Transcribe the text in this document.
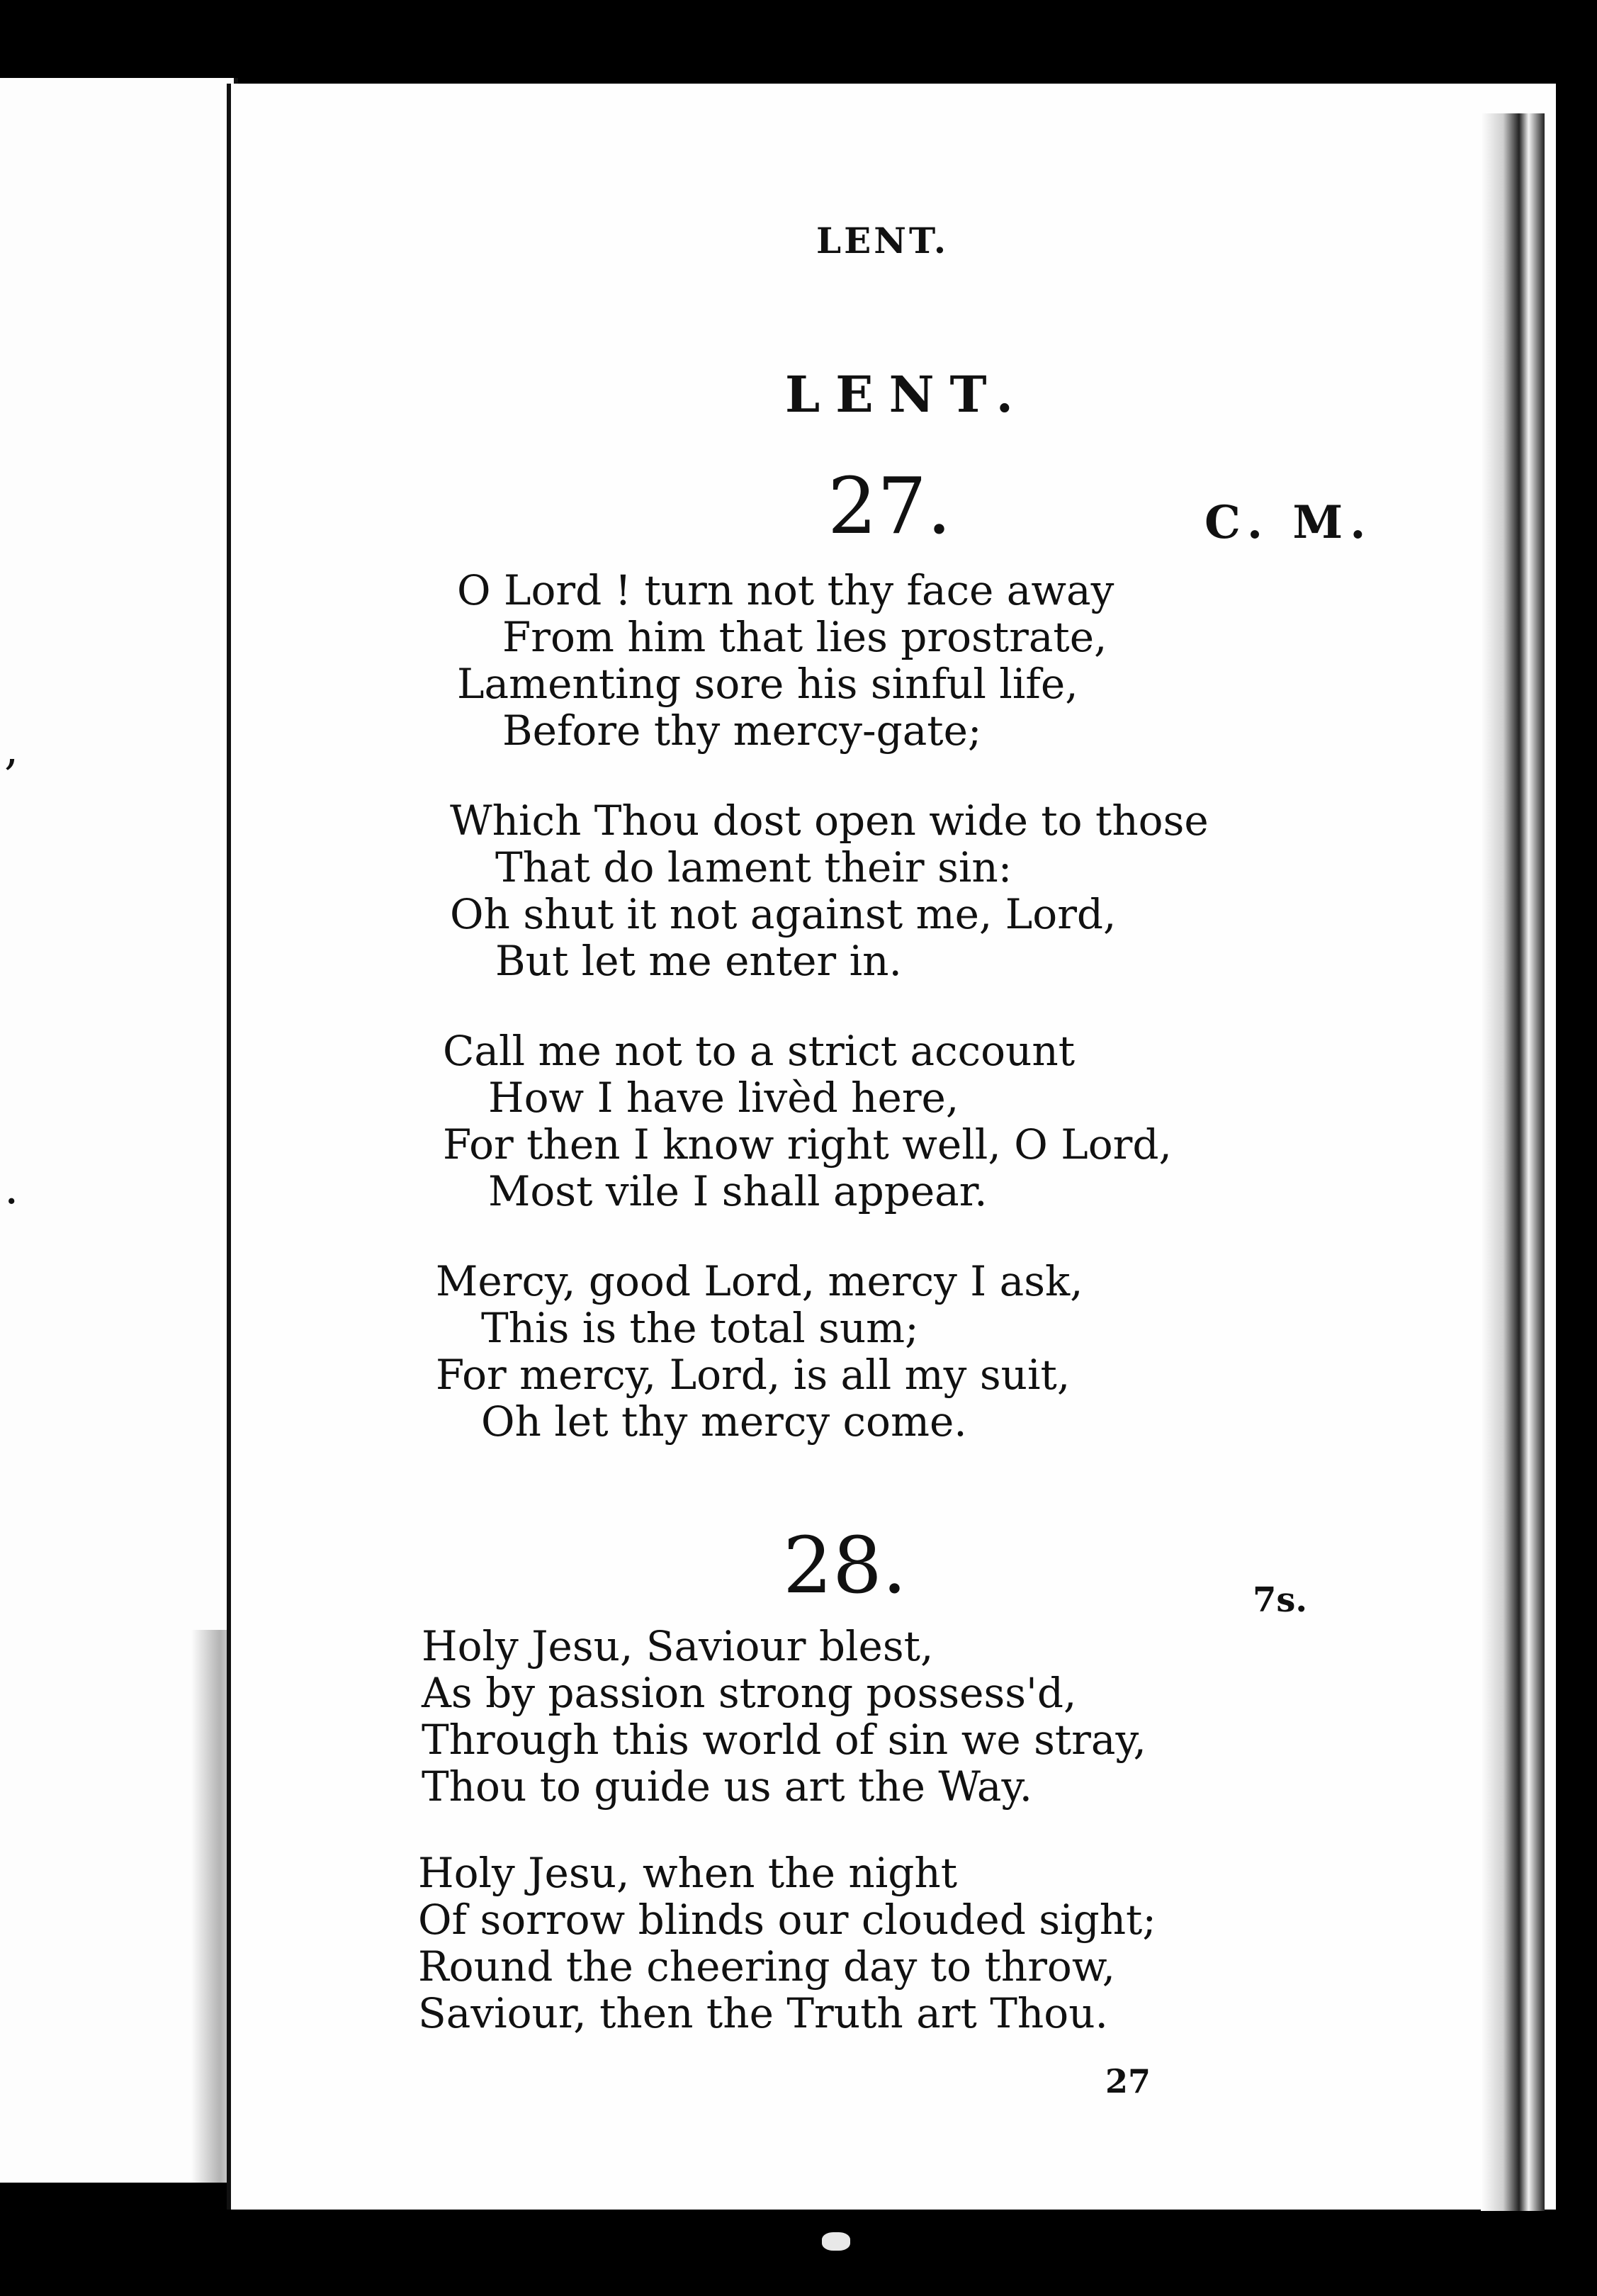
,
.
LENT.
LENT.
27.	C. M.
O Lord ! turn not thy face away
From him that lies prostrate,
Lamenting sore his sinful life,
Before thy mercy-gate;
Which Thou dost open wide to those
That do lament their sin:
Oh shut it not against me, Lord,
But let me enter in.
Call me not to a strict account
How I have livèd here,
For then I know right well, O Lord,
Most vile I shall appear.
Mercy, good Lord, mercy I ask,
This is the total sum;
For mercy, Lord, is all my suit,
Oh let thy mercy come.
28.	7s.
Holy Jesu, Saviour blest,
As by passion strong possess'd,
Through this world of sin we stray,
Thou to guide us art the Way.
Holy Jesu, when the night
Of sorrow blinds our clouded sight;
Round the cheering day to throw,
Saviour, then the Truth art Thou.
27
